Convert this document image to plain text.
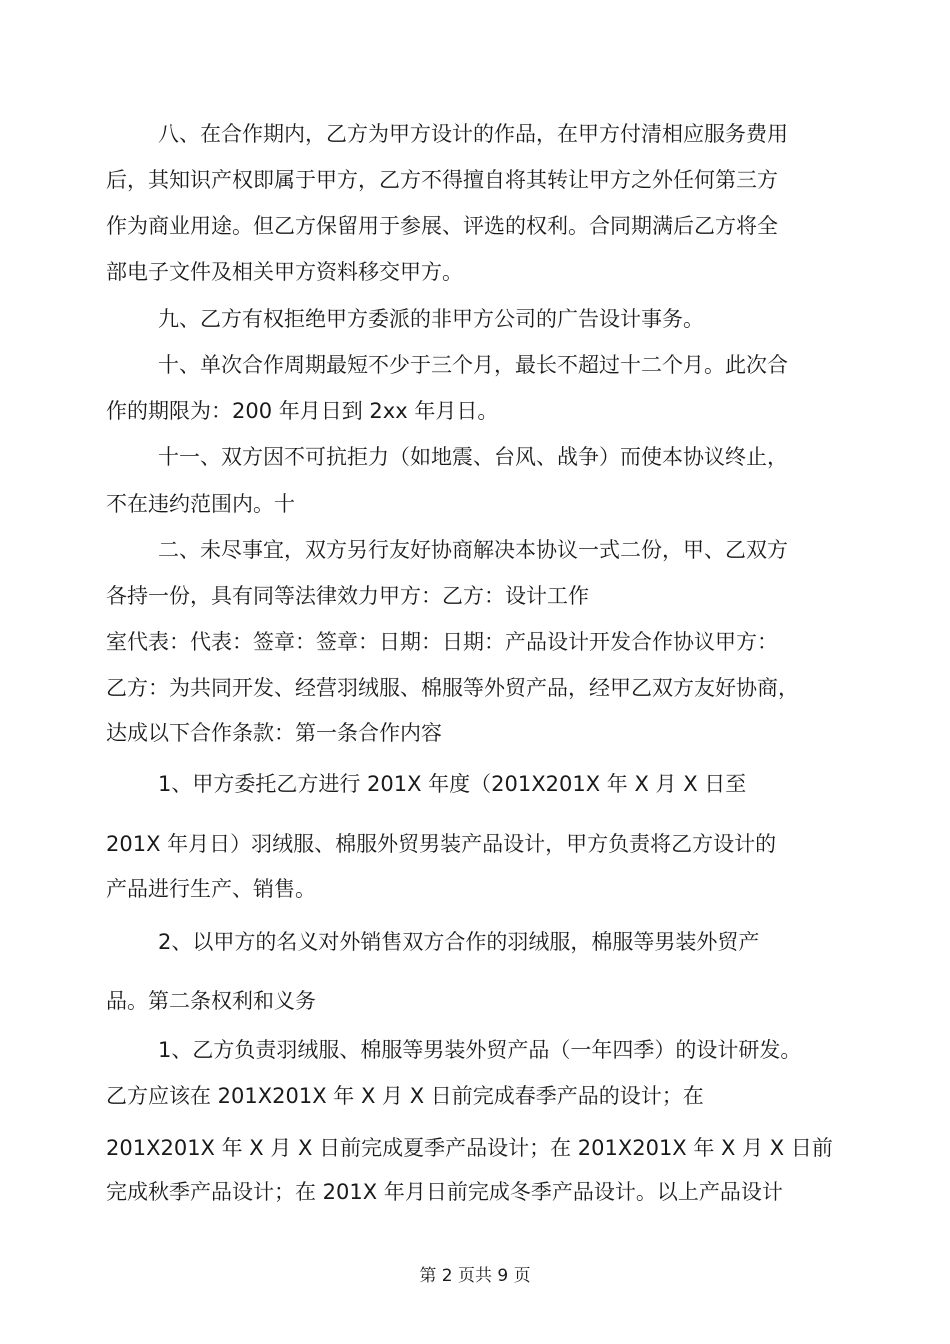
八、在合作期内，乙方为甲方设计的作品，在甲方付清相应服务费用
后，其知识产权即属于甲方，乙方不得擅自将其转让甲方之外任何第三方
作为商业用途。但乙方保留用于参展、评选的权利。合同期满后乙方将全
部电子文件及相关甲方资料移交甲方。
九、乙方有权拒绝甲方委派的非甲方公司的广告设计事务。
十、单次合作周期最短不少于三个月，最长不超过十二个月。此次合
作的期限为：200 年月日到 2xx 年月日。
十一、双方因不可抗拒力（如地震、台风、战争）而使本协议终止，
不在违约范围内。十
二、未尽事宜，双方另行友好协商解决本协议一式二份，甲、乙双方
各持一份，具有同等法律效力甲方：乙方：设计工作
室代表：代表：签章：签章：日期：日期：产品设计开发合作协议甲方：
乙方：为共同开发、经营羽绒服、棉服等外贸产品，经甲乙双方友好协商，
达成以下合作条款：第一条合作内容
1、甲方委托乙方进行 201X 年度（201X201X 年 X 月 X 日至
201X 年月日）羽绒服、棉服外贸男装产品设计，甲方负责将乙方设计的
产品进行生产、销售。
2、以甲方的名义对外销售双方合作的羽绒服，棉服等男装外贸产
品。第二条权利和义务
1、乙方负责羽绒服、棉服等男装外贸产品（一年四季）的设计研发。
乙方应该在 201X201X 年 X 月 X 日前完成春季产品的设计；在
201X201X 年 X 月 X 日前完成夏季产品设计；在 201X201X 年 X 月 X 日前
完成秋季产品设计；在 201X 年月日前完成冬季产品设计。以上产品设计
第 2 页共 9 页
